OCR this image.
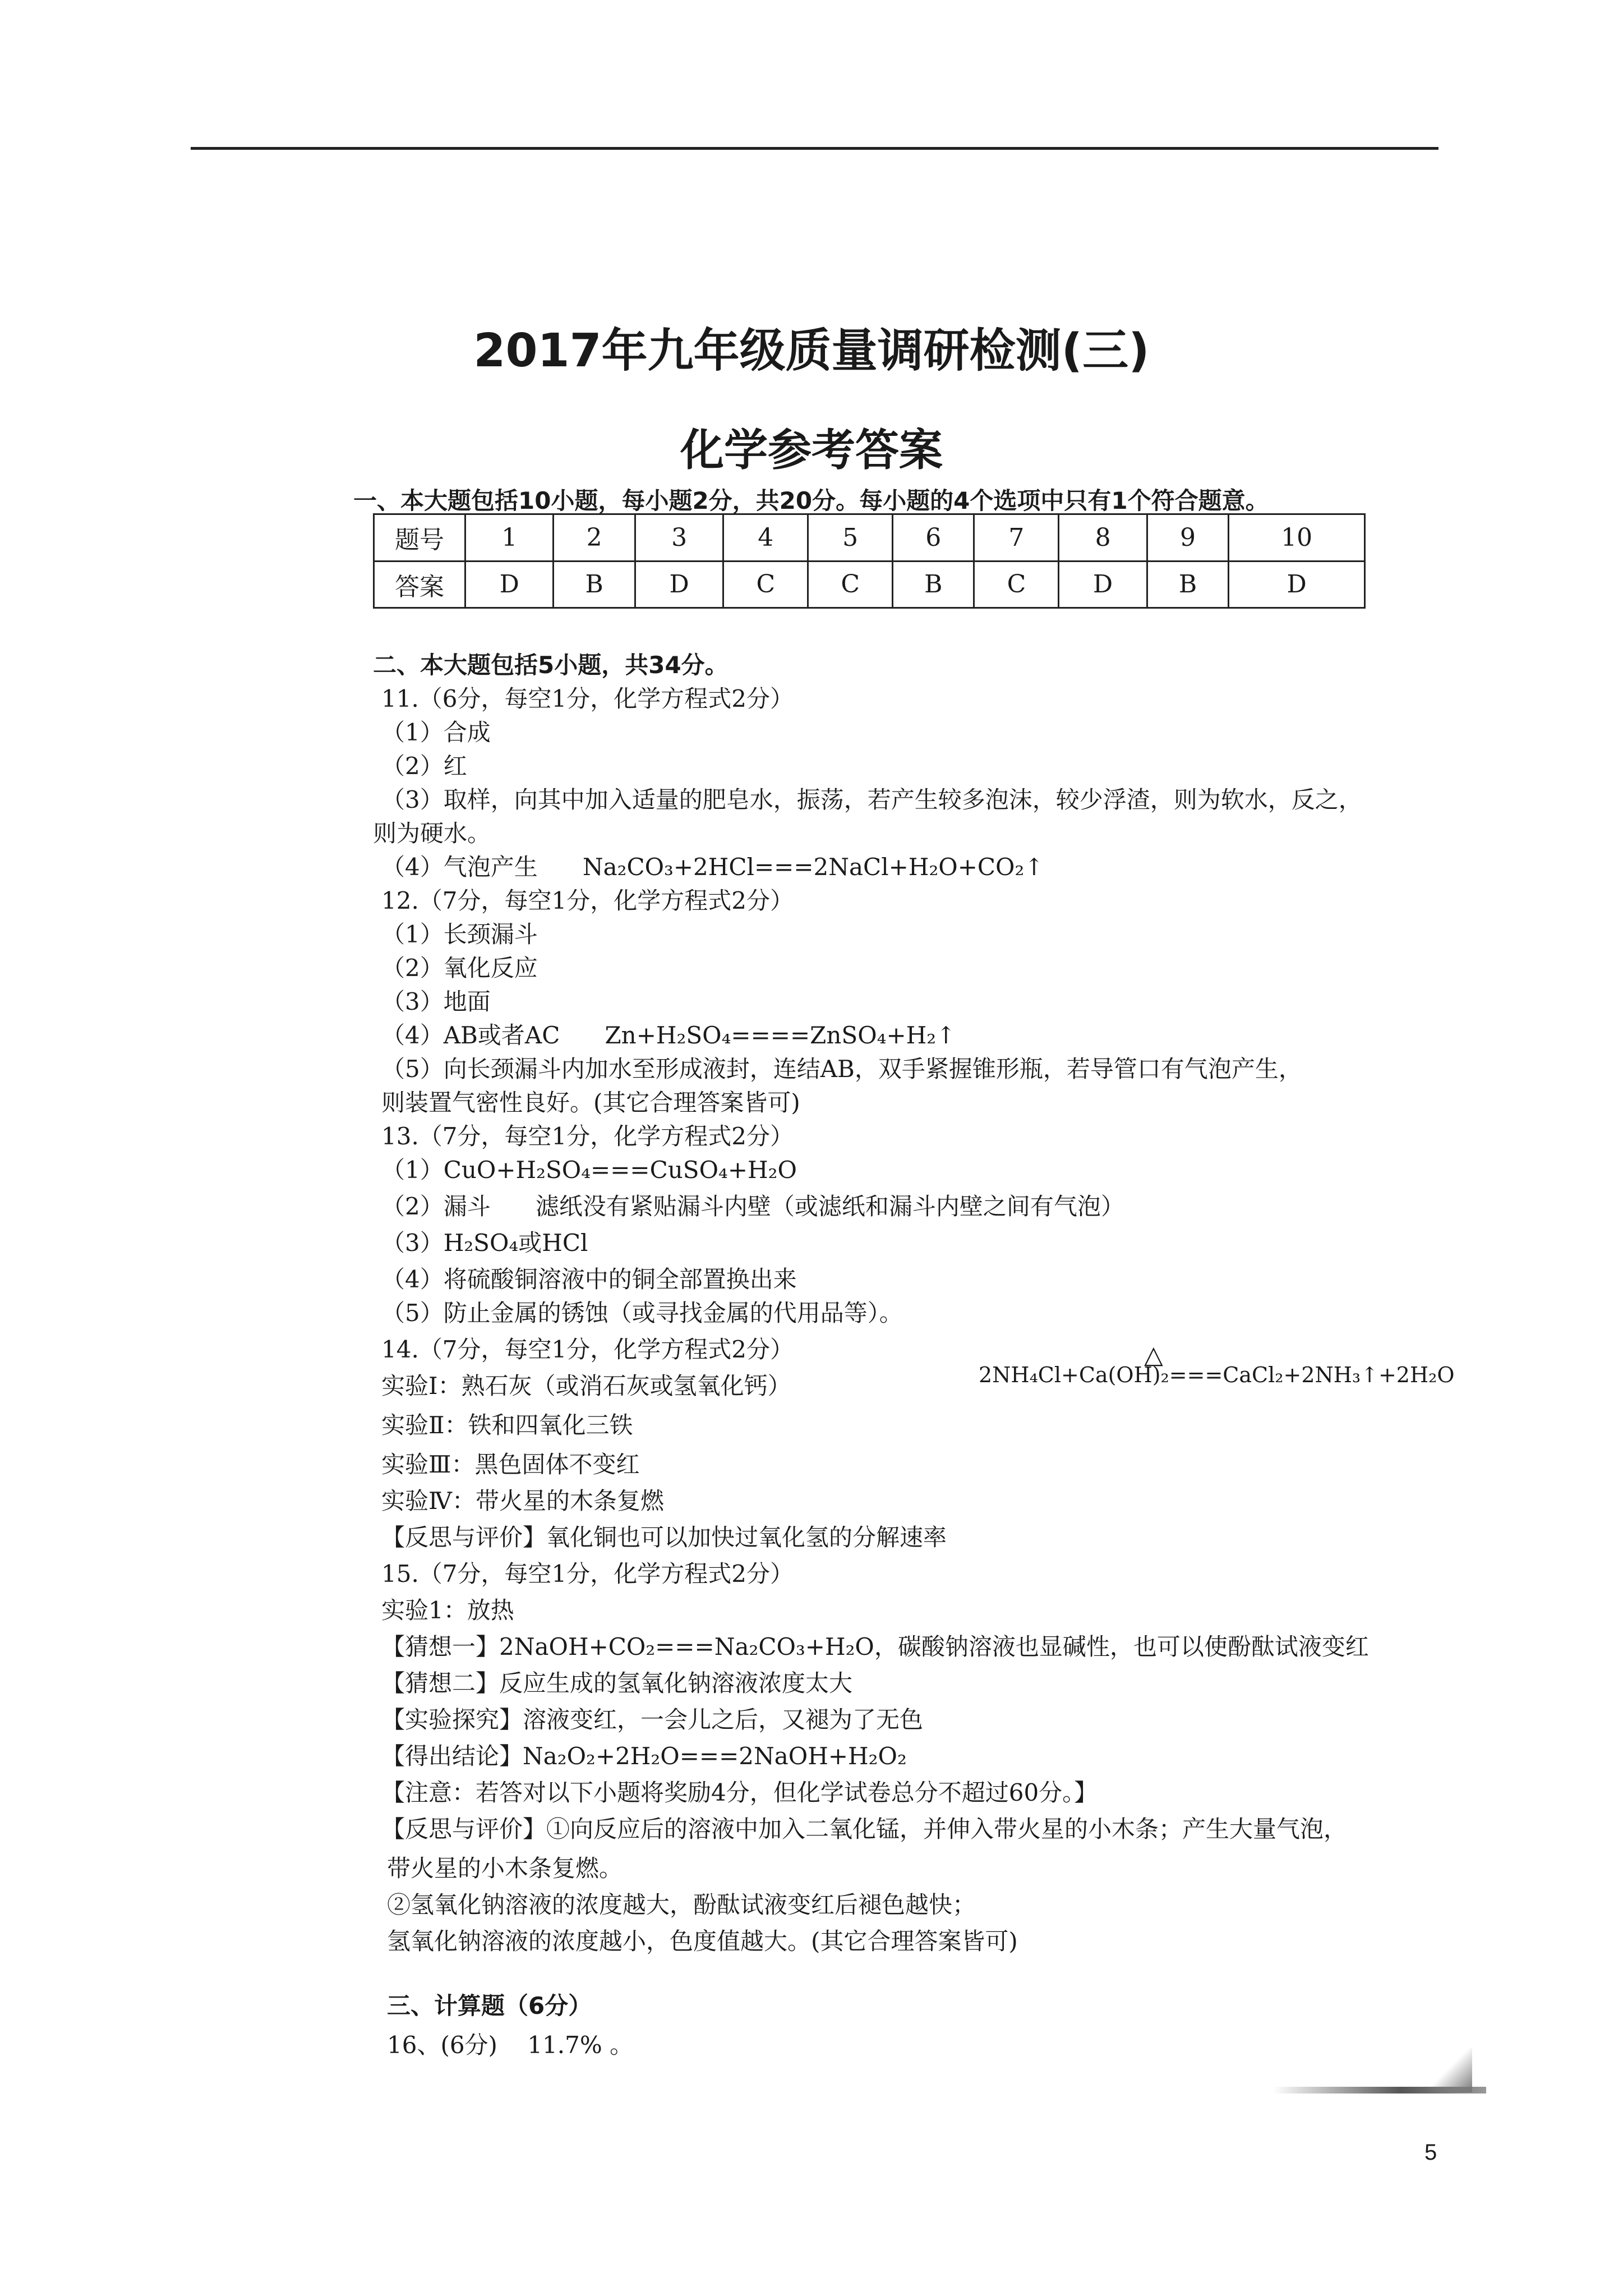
2017年九年级质量调研检测(三)
化学参考答案
一、本大题包括10小题，每小题2分，共20分。每小题的4个选项中只有1个符合题意。
题号	1	2	3	4	5	6	7	8	9	10
答案	D	B	D	C	C	B	C	D	B	D
二、本大题包括5小题，共34分。
11.（6分，每空1分，化学方程式2分）
（1）合成
（2）红
（3）取样，向其中加入适量的肥皂水，振荡，若产生较多泡沫，较少浮渣，则为软水，反之，
则为硬水。
（4）气泡产生      Na₂CO₃+2HCl===2NaCl+H₂O+CO₂↑
12.（7分，每空1分，化学方程式2分）
（1）长颈漏斗
（2）氧化反应
（3）地面
（4）AB或者AC      Zn+H₂SO₄====ZnSO₄+H₂↑
（5）向长颈漏斗内加水至形成液封，连结AB，双手紧握锥形瓶，若导管口有气泡产生，
则装置气密性良好。(其它合理答案皆可)
13.（7分，每空1分，化学方程式2分）
（1）CuO+H₂SO₄===CuSO₄+H₂O
（2）漏斗      滤纸没有紧贴漏斗内壁（或滤纸和漏斗内壁之间有气泡）
（3）H₂SO₄或HCl
（4）将硫酸铜溶液中的铜全部置换出来
（5）防止金属的锈蚀（或寻找金属的代用品等）。
14.（7分，每空1分，化学方程式2分）	△
2NH₄Cl+Ca(OH)₂===CaCl₂+2NH₃↑+2H₂O
实验Ⅰ：熟石灰（或消石灰或氢氧化钙）
实验Ⅱ：铁和四氧化三铁
实验Ⅲ：黑色固体不变红
实验Ⅳ：带火星的木条复燃
【反思与评价】氧化铜也可以加快过氧化氢的分解速率
15.（7分，每空1分，化学方程式2分）
实验1：放热
【猜想一】2NaOH+CO₂===Na₂CO₃+H₂O，碳酸钠溶液也显碱性，也可以使酚酞试液变红
【猜想二】反应生成的氢氧化钠溶液浓度太大
【实验探究】溶液变红，一会儿之后，又褪为了无色
【得出结论】Na₂O₂+2H₂O===2NaOH+H₂O₂
【注意：若答对以下小题将奖励4分，但化学试卷总分不超过60分。】
【反思与评价】①向反应后的溶液中加入二氧化锰，并伸入带火星的小木条；产生大量气泡，
带火星的小木条复燃。
②氢氧化钠溶液的浓度越大，酚酞试液变红后褪色越快；
氢氧化钠溶液的浓度越小，色度值越大。(其它合理答案皆可)
三、计算题（6分）
16、(6分)    11.7% 。
5
